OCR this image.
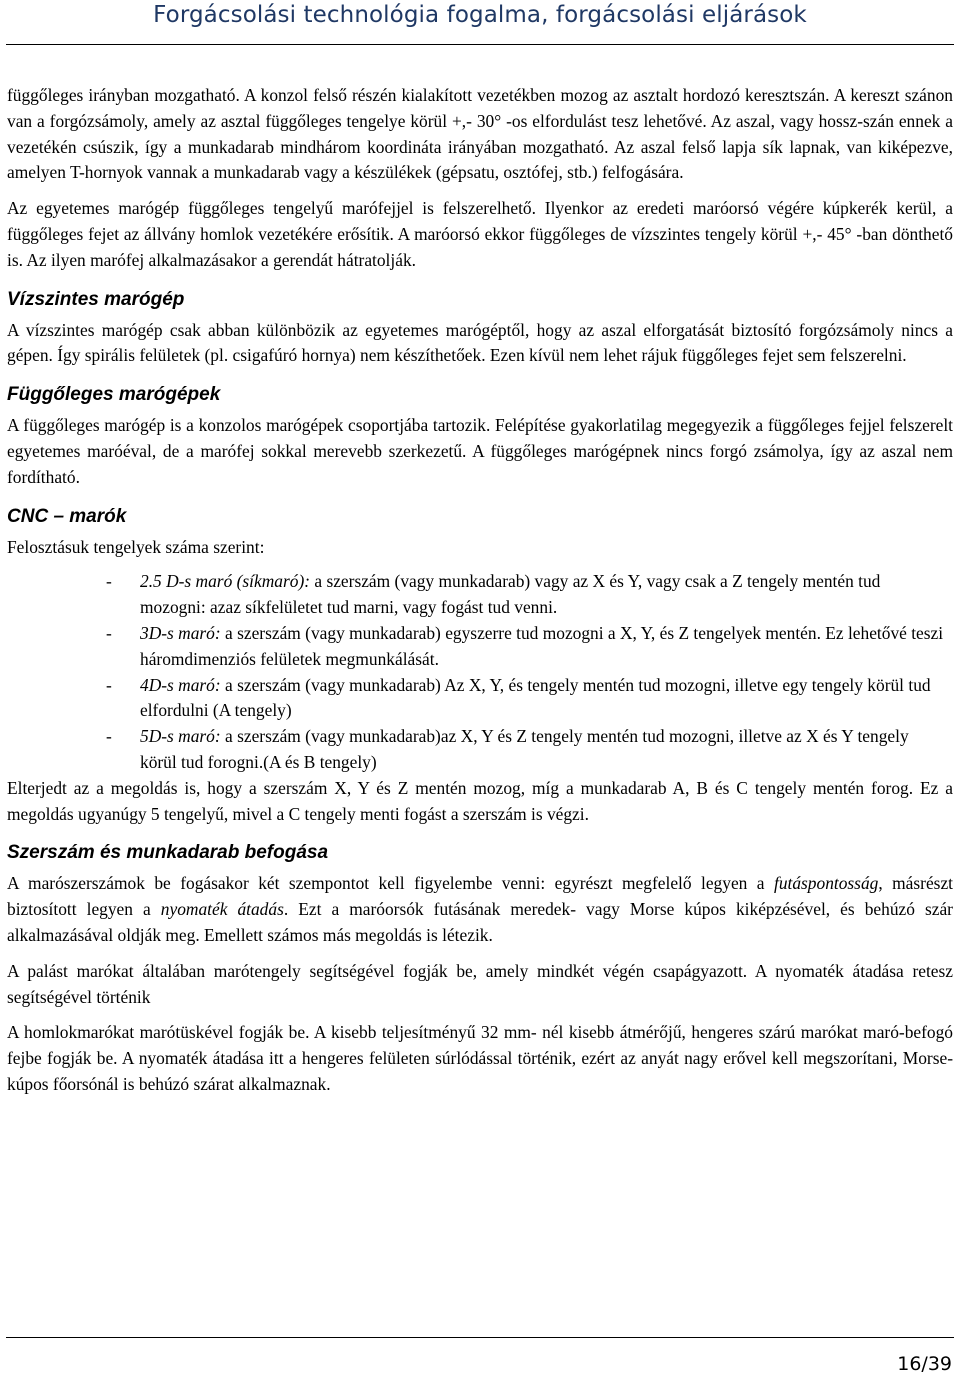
Forgácsolási technológia fogalma, forgácsolási eljárások

függőleges irányban mozgatható. A konzol felső részén kialakított vezetékben mozog az asztalt hordozó keresztszán. A kereszt szánon van a forgózsámoly, amely az asztal függőleges tengelye körül +,- 30° -os elfordulást tesz lehetővé. Az aszal, vagy hossz-szán ennek a vezetékén csúszik, így a munkadarab mindhárom koordináta irányában mozgatható. Az aszal felső lapja sík lapnak, van kiképezve, amelyen T-hornyok vannak a munkadarab vagy a készülékek (gépsatu, osztófej, stb.) felfogására.

Az egyetemes marógép függőleges tengelyű marófejjel is felszerelhető. Ilyenkor az eredeti maróorsó végére kúpkerék kerül, a függőleges fejet az állvány homlok vezetékére erősítik. A maróorsó ekkor függőleges de vízszintes tengely körül +,- 45° -ban dönthető is. Az ilyen marófej alkalmazásakor a gerendát hátratolják.

Vízszintes marógép

A vízszintes marógép csak abban különbözik az egyetemes marógéptől, hogy az aszal elforgatását biztosító forgózsámoly nincs a gépen. Így spirális felületek (pl. csigafúró hornya) nem készíthetőek. Ezen kívül nem lehet rájuk függőleges fejet sem felszerelni.

Függőleges marógépek

A függőleges marógép is a konzolos marógépek csoportjába tartozik. Felépítése gyakorlatilag megegyezik a függőleges fejjel felszerelt egyetemes maróéval, de a marófej sokkal merevebb szerkezetű. A függőleges marógépnek nincs forgó zsámolya, így az aszal nem fordítható.

CNC – marók

Felosztásuk tengelyek száma szerint:

- 2.5 D-s maró (síkmaró): a szerszám (vagy munkadarab) vagy az X és Y, vagy csak a Z tengely mentén tud mozogni: azaz síkfelületet tud marni, vagy fogást tud venni.
- 3D-s maró: a szerszám (vagy munkadarab) egyszerre tud mozogni a X, Y, és Z tengelyek mentén. Ez lehetővé teszi háromdimenziós felületek megmunkálását.
- 4D-s maró: a szerszám (vagy munkadarab) Az X, Y, és tengely mentén tud mozogni, illetve egy tengely körül tud elfordulni (A tengely)
- 5D-s maró: a szerszám (vagy munkadarab)az X, Y és Z tengely mentén tud mozogni, illetve az X és Y tengely körül tud forogni.(A és B tengely)

Elterjedt az a megoldás is, hogy a szerszám X, Y és Z mentén mozog, míg a munkadarab A, B és C tengely mentén forog. Ez a megoldás ugyanúgy 5 tengelyű, mivel a C tengely menti fogást a szerszám is végzi.

Szerszám és munkadarab befogása

A marószerszámok be fogásakor két szempontot kell figyelembe venni: egyrészt megfelelő legyen a futáspontosság, másrészt biztosított legyen a nyomaték átadás. Ezt a maróorsók futásának meredek- vagy Morse kúpos kiképzésével, és behúzó szár alkalmazásával oldják meg. Emellett számos más megoldás is létezik.

A palást marókat általában marótengely segítségével fogják be, amely mindkét végén csapágyazott. A nyomaték átadása retesz segítségével történik

A homlokmarókat marótüskével fogják be. A kisebb teljesítményű 32 mm- nél kisebb átmérőjű, hengeres szárú marókat maró-befogó fejbe fogják be. A nyomaték átadása itt a hengeres felületen súrlódással történik, ezért az anyát nagy erővel kell megszorítani, Morse- kúpos főorsónál is behúzó szárat alkalmaznak.

16/39
